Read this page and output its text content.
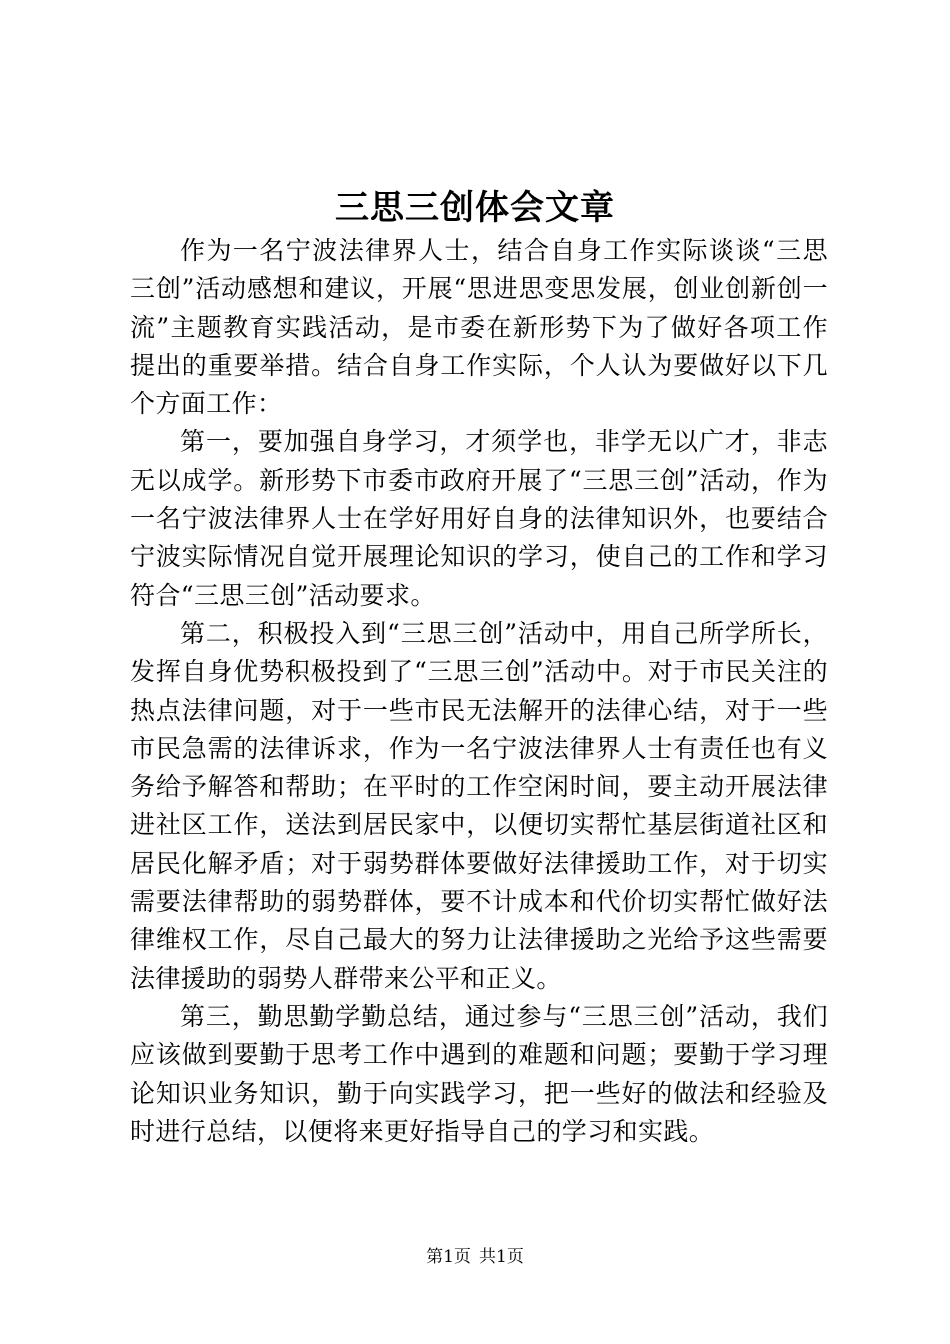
三思三创体会文章

作为一名宁波法律界人士，结合自身工作实际谈谈“三思三创”活动感想和建议，开展“思进思变思发展，创业创新创一流”主题教育实践活动，是市委在新形势下为了做好各项工作提出的重要举措。结合自身工作实际，个人认为要做好以下几个方面工作：

第一，要加强自身学习，才须学也，非学无以广才，非志无以成学。新形势下市委市政府开展了“三思三创”活动，作为一名宁波法律界人士在学好用好自身的法律知识外，也要结合宁波实际情况自觉开展理论知识的学习，使自己的工作和学习符合“三思三创”活动要求。

第二，积极投入到“三思三创”活动中，用自己所学所长，发挥自身优势积极投到了“三思三创”活动中。对于市民关注的热点法律问题，对于一些市民无法解开的法律心结，对于一些市民急需的法律诉求，作为一名宁波法律界人士有责任也有义务给予解答和帮助；在平时的工作空闲时间，要主动开展法律进社区工作，送法到居民家中，以便切实帮忙基层街道社区和居民化解矛盾；对于弱势群体要做好法律援助工作，对于切实需要法律帮助的弱势群体，要不计成本和代价切实帮忙做好法律维权工作，尽自己最大的努力让法律援助之光给予这些需要法律援助的弱势人群带来公平和正义。

第三，勤思勤学勤总结，通过参与“三思三创”活动，我们应该做到要勤于思考工作中遇到的难题和问题；要勤于学习理论知识业务知识，勤于向实践学习，把一些好的做法和经验及时进行总结，以便将来更好指导自己的学习和实践。

第1页 共1页
